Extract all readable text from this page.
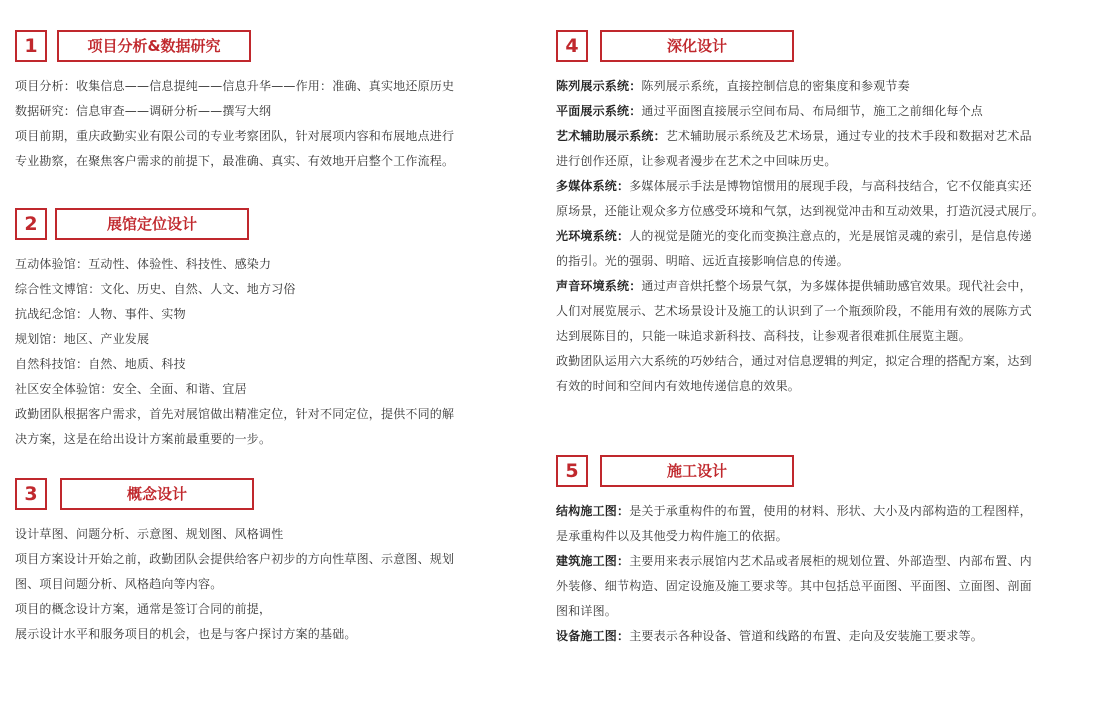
1	项目分析&数据研究
项目分析：收集信息——信息提纯——信息升华——作用：准确、真实地还原历史
数据研究：信息审查——调研分析——撰写大纲
项目前期，重庆政勤实业有限公司的专业考察团队，针对展项内容和布展地点进行
专业勘察，在聚焦客户需求的前提下，最准确、真实、有效地开启整个工作流程。
2	展馆定位设计
互动体验馆：互动性、体验性、科技性、感染力
综合性文博馆：文化、历史、自然、人文、地方习俗
抗战纪念馆：人物、事件、实物
规划馆：地区、产业发展
自然科技馆：自然、地质、科技
社区安全体验馆：安全、全面、和谐、宜居
政勤团队根据客户需求，首先对展馆做出精准定位，针对不同定位，提供不同的解
决方案，这是在给出设计方案前最重要的一步。
3	概念设计
设计草图、问题分析、示意图、规划图、风格调性
项目方案设计开始之前，政勤团队会提供给客户初步的方向性草图、示意图、规划
图、项目问题分析、风格趋向等内容。
项目的概念设计方案，通常是签订合同的前提，
展示设计水平和服务项目的机会，也是与客户探讨方案的基础。
4	深化设计
陈列展示系统：陈列展示系统，直接控制信息的密集度和参观节奏
平面展示系统：通过平面图直接展示空间布局、布局细节，施工之前细化每个点
艺术辅助展示系统：艺术辅助展示系统及艺术场景，通过专业的技术手段和数据对艺术品
进行创作还原，让参观者漫步在艺术之中回味历史。
多媒体系统：多媒体展示手法是博物馆惯用的展现手段，与高科技结合，它不仅能真实还
原场景，还能让观众多方位感受环境和气氛，达到视觉冲击和互动效果，打造沉浸式展厅。
光环境系统：人的视觉是随光的变化而变换注意点的，光是展馆灵魂的索引，是信息传递
的指引。光的强弱、明暗、远近直接影响信息的传递。
声音环境系统：通过声音烘托整个场景气氛，为多媒体提供辅助感官效果。现代社会中，
人们对展览展示、艺术场景设计及施工的认识到了一个瓶颈阶段，不能用有效的展陈方式
达到展陈目的，只能一味追求新科技、高科技，让参观者很难抓住展览主题。
政勤团队运用六大系统的巧妙结合，通过对信息逻辑的判定，拟定合理的搭配方案，达到
有效的时间和空间内有效地传递信息的效果。
5	施工设计
结构施工图：是关于承重构件的布置，使用的材料、形状、大小及内部构造的工程图样，
是承重构件以及其他受力构件施工的依据。
建筑施工图：主要用来表示展馆内艺术品或者展柜的规划位置、外部造型、内部布置、内
外装修、细节构造、固定设施及施工要求等。其中包括总平面图、平面图、立面图、剖面
图和详图。
设备施工图：主要表示各种设备、管道和线路的布置、走向及安装施工要求等。
